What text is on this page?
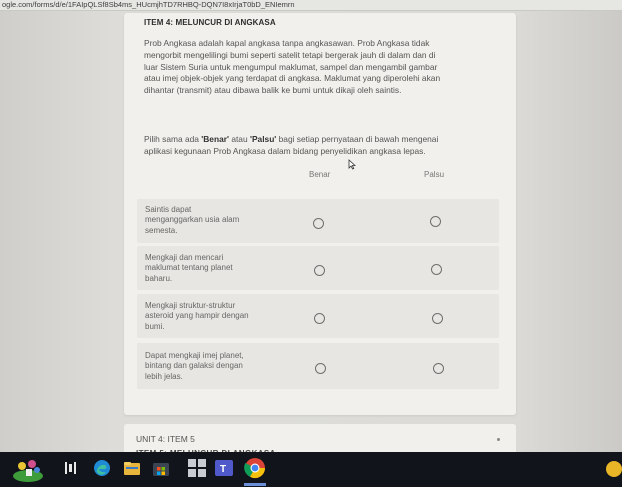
ogle.com/forms/d/e/1FAIpQLSf8Sb4ms_HUcmjhTD7RHBQ-DQN7I8xIrjaT0bD_ENIemrn
ITEM 4: MELUNCUR DI ANGKASA
Prob Angkasa adalah kapal angkasa tanpa angkasawan. Prob Angkasa tidak
mengorbit mengelilingi bumi seperti satelit tetapi bergerak jauh di dalam dan di
luar Sistem Suria untuk mengumpul maklumat, sampel dan mengambil gambar
atau imej objek-objek yang terdapat di angkasa. Maklumat yang diperolehi akan
dihantar (transmit) atau dibawa balik ke bumi untuk dikaji oleh saintis.
Pilih sama ada 'Benar' atau 'Palsu' bagi setiap pernyataan di bawah mengenai
aplikasi kegunaan Prob Angkasa dalam bidang penyelidikan angkasa lepas.
Benar	Palsu
Saintis dapat
menganggarkan usia alam
semesta.
Mengkaji dan mencari
maklumat tentang planet
baharu.
Mengkaji struktur-struktur
asteroid yang hampir dengan
bumi.
Dapat mengkaji imej planet,
bintang dan galaksi dengan
lebih jelas.
UNIT 4: ITEM 5
T
